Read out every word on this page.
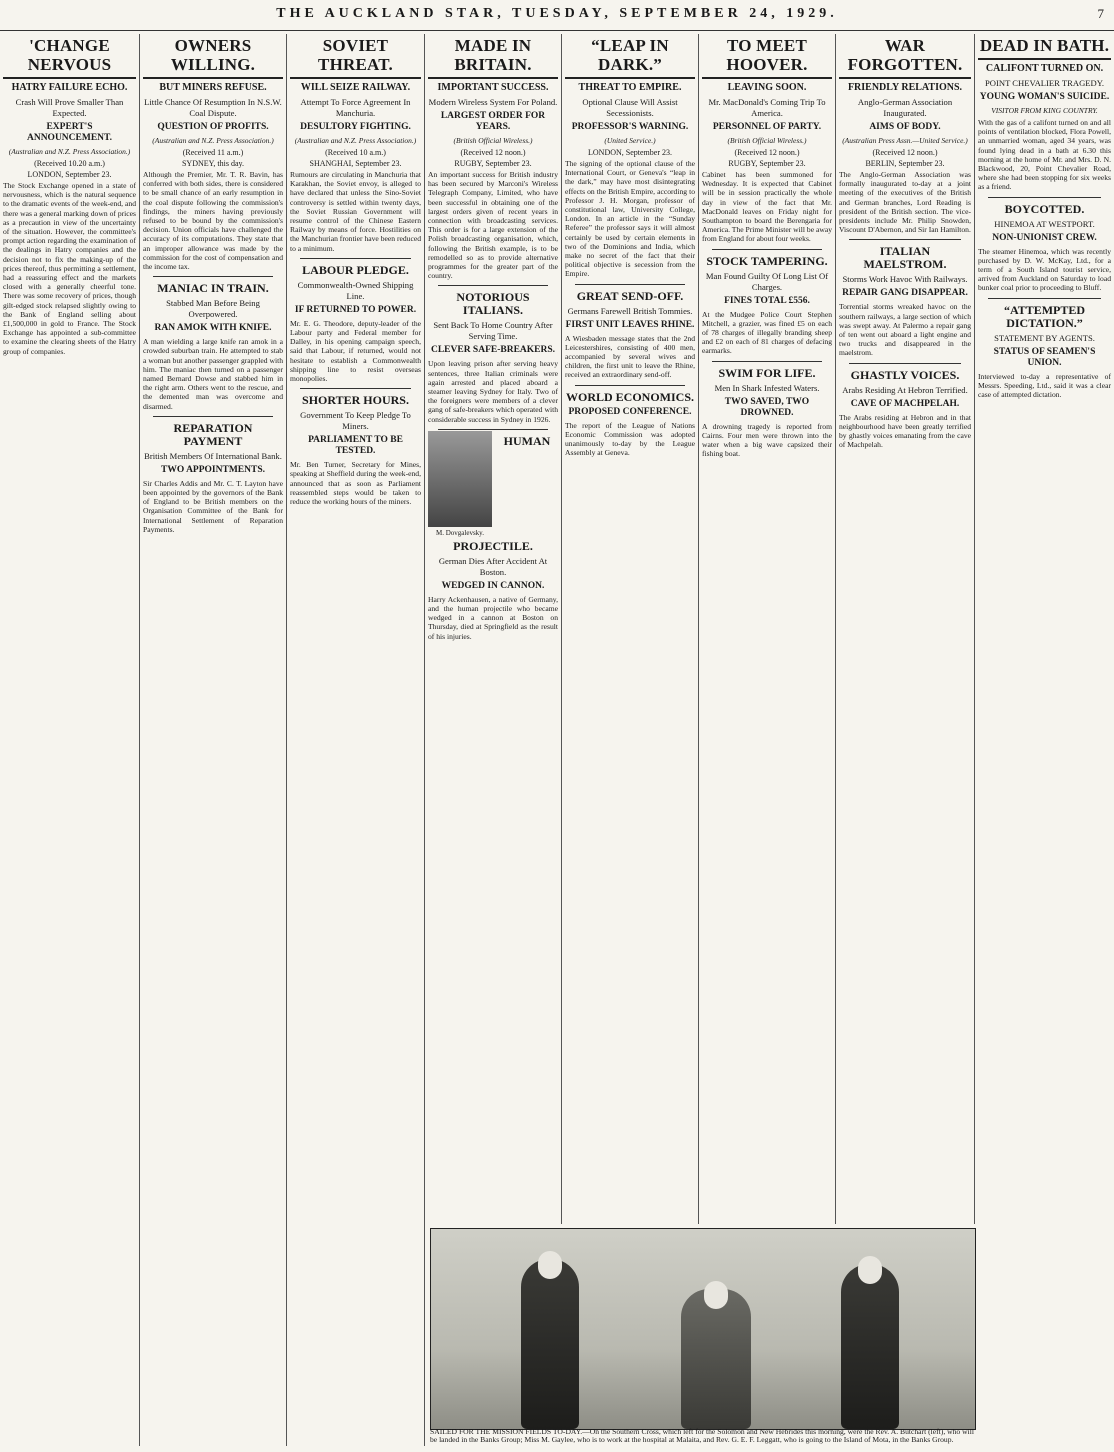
THE AUCKLAND STAR, TUESDAY, SEPTEMBER 24, 1929.	7
'CHANGE NERVOUS
HATRY FAILURE ECHO.
Crash Will Prove Smaller Than Expected.
EXPERT'S ANNOUNCEMENT.
(Australian and N.Z. Press Association.)
(Received 10.20 a.m.)
LONDON, September 23.
The Stock Exchange opened in a state of nervousness, which is the natural sequence to the dramatic events of the week-end, and there was a general marking down of prices as a precaution in view of the uncertainty of the situation. However, the committee's prompt action regarding the examination of the dealings in Hatry companies and the decision not to fix the making-up of the prices thereof, thus permitting a settlement, had a reassuring effect and the markets closed with a generally cheerful tone. There was some recovery of prices, though gilt-edged stock relapsed slightly owing to the Bank of England selling about £1,500,000 in gold to France. The Stock Exchange has appointed a sub-committee to examine the clearing sheets of the Hatry group of companies.
OWNERS WILLING.
BUT MINERS REFUSE.
Little Chance Of Resumption In N.S.W. Coal Dispute.
QUESTION OF PROFITS.
(Australian and N.Z. Press Association.)
(Received 11 a.m.)
SYDNEY, this day.
Although the Premier, Mr. T. R. Bavin, has conferred with both sides, there is considered to be small chance of an early resumption in the coal dispute following the commission's findings, the miners having previously refused to be bound by the commission's decision. Union officials have challenged the accuracy of its computations. They state that an improper allowance was made by the commission for the cost of compensation and the income tax.
MANIAC IN TRAIN.
Stabbed Man Before Being Overpowered.
RAN AMOK WITH KNIFE.
A man wielding a large knife ran amok in a crowded suburban train. He attempted to stab a woman but another passenger grappled with him. The maniac then turned on a passenger named Bernard Dowse and stabbed him in the right arm. Others went to the rescue, and the demented man was overcome and disarmed.
REPARATION PAYMENT
British Members Of International Bank.
TWO APPOINTMENTS.
Sir Charles Addis and Mr. C. T. Layton have been appointed by the governors of the Bank of England to be British members on the Organisation Committee of the Bank for International Settlement of Reparation Payments.
SOVIET THREAT.
WILL SEIZE RAILWAY.
Attempt To Force Agreement In Manchuria.
DESULTORY FIGHTING.
(Australian and N.Z. Press Association.)
(Received 10 a.m.)
SHANGHAI, September 23.
Rumours are circulating in Manchuria that Karakhan, the Soviet envoy, is alleged to have declared that unless the Sino-Soviet controversy is settled within twenty days, the Soviet Russian Government will resume control of the Chinese Eastern Railway by means of force. Hostilities on the Manchurian frontier have been reduced to a minimum.
LABOUR PLEDGE.
Commonwealth-Owned Shipping Line.
IF RETURNED TO POWER.
Mr. E. G. Theodore, deputy-leader of the Labour party and Federal member for Dalley, in his opening campaign speech, said that Labour, if returned, would not hesitate to establish a Commonwealth shipping line to resist overseas monopolies.
SHORTER HOURS.
Government To Keep Pledge To Miners.
PARLIAMENT TO BE TESTED.
Mr. Ben Turner, Secretary for Mines, speaking at Sheffield during the week-end, announced that as soon as Parliament reassembled steps would be taken to reduce the working hours of the miners.
MADE IN BRITAIN.
IMPORTANT SUCCESS.
Modern Wireless System For Poland.
LARGEST ORDER FOR YEARS.
(British Official Wireless.)
(Received 12 noon.)
RUGBY, September 23.
An important success for British industry has been secured by Marconi's Wireless Telegraph Company, Limited, who have been successful in obtaining one of the largest orders given of recent years in connection with broadcasting services. This order is for a large extension of the Polish broadcasting organisation, which, following the British example, is to be remodelled so as to provide alternative programmes for the greater part of the country.
NOTORIOUS ITALIANS.
Sent Back To Home Country After Serving Time.
CLEVER SAFE-BREAKERS.
Upon leaving prison after serving heavy sentences, three Italian criminals were again arrested and placed aboard a steamer leaving Sydney for Italy. Two of the foreigners were members of a clever gang of safe-breakers which operated with considerable success in Sydney in 1926.
M. Dovgalevsky.
HUMAN PROJECTILE.
German Dies After Accident At Boston.
WEDGED IN CANNON.
Harry Ackenhausen, a native of Germany, and the human projectile who became wedged in a cannon at Boston on Thursday, died at Springfield as the result of his injuries.
“LEAP IN DARK.”
THREAT TO EMPIRE.
Optional Clause Will Assist Secessionists.
PROFESSOR'S WARNING.
(United Service.)
LONDON, September 23.
The signing of the optional clause of the International Court, or Geneva's “leap in the dark,” may have most disintegrating effects on the British Empire, according to Professor J. H. Morgan, professor of constitutional law, University College, London. In an article in the “Sunday Referee” the professor says it will almost certainly be used by certain elements in two of the Dominions and India, which make no secret of the fact that their political objective is secession from the Empire.
GREAT SEND-OFF.
Germans Farewell British Tommies.
FIRST UNIT LEAVES RHINE.
A Wiesbaden message states that the 2nd Leicestershires, consisting of 400 men, accompanied by several wives and children, the first unit to leave the Rhine, received an extraordinary send-off.
WORLD ECONOMICS.
PROPOSED CONFERENCE.
The report of the League of Nations Economic Commission was adopted unanimously to-day by the League Assembly at Geneva.
TO MEET HOOVER.
LEAVING SOON.
Mr. MacDonald's Coming Trip To America.
PERSONNEL OF PARTY.
(British Official Wireless.)
(Received 12 noon.)
RUGBY, September 23.
Cabinet has been summoned for Wednesday. It is expected that Cabinet will be in session practically the whole day in view of the fact that Mr. MacDonald leaves on Friday night for Southampton to board the Berengaria for America. The Prime Minister will be away from England for about four weeks.
STOCK TAMPERING.
Man Found Guilty Of Long List Of Charges.
FINES TOTAL £556.
At the Mudgee Police Court Stephen Mitchell, a grazier, was fined £5 on each of 78 charges of illegally branding sheep and £2 on each of 81 charges of defacing earmarks.
SWIM FOR LIFE.
Men In Shark Infested Waters.
TWO SAVED, TWO DROWNED.
A drowning tragedy is reported from Cairns. Four men were thrown into the water when a big wave capsized their fishing boat.
WAR FORGOTTEN.
FRIENDLY RELATIONS.
Anglo-German Association Inaugurated.
AIMS OF BODY.
(Australian Press Assn.—United Service.)
(Received 12 noon.)
BERLIN, September 23.
The Anglo-German Association was formally inaugurated to-day at a joint meeting of the executives of the British and German branches, Lord Reading is president of the British section. The vice-presidents include Mr. Philip Snowden, Viscount D'Abernon, and Sir Ian Hamilton.
ITALIAN MAELSTROM.
Storms Work Havoc With Railways.
REPAIR GANG DISAPPEAR.
Torrential storms wreaked havoc on the southern railways, a large section of which was swept away. At Palermo a repair gang of ten went out aboard a light engine and two trucks and disappeared in the maelstrom.
GHASTLY VOICES.
Arabs Residing At Hebron Terrified.
CAVE OF MACHPELAH.
The Arabs residing at Hebron and in that neighbourhood have been greatly terrified by ghastly voices emanating from the cave of Machpelah.
DEAD IN BATH.
CALIFONT TURNED ON.
POINT CHEVALIER TRAGEDY.
YOUNG WOMAN'S SUICIDE.
VISITOR FROM KING COUNTRY.
With the gas of a califont turned on and all points of ventilation blocked, Flora Powell, an unmarried woman, aged 34 years, was found lying dead in a bath at 6.30 this morning at the home of Mr. and Mrs. D. N. Blackwood, 20, Point Chevalier Road, where she had been stopping for six weeks as a friend.
BOYCOTTED.
HINEMOA AT WESTPORT.
NON-UNIONIST CREW.
The steamer Hinemoa, which was recently purchased by D. W. McKay, Ltd., for a term of a South Island tourist service, arrived from Auckland on Saturday to load bunker coal prior to proceeding to Bluff.
“ATTEMPTED DICTATION.”
STATEMENT BY AGENTS.
STATUS OF SEAMEN'S UNION.
Interviewed to-day a representative of Messrs. Speeding, Ltd., said it was a clear case of attempted dictation.
SAILED FOR THE MISSION FIELDS TO-DAY.—On the Southern Cross, which left for the Solomon and New Hebrides this morning, were the Rev. A. Butchart (left), who will be landed in the Banks Group; Miss M. Gaylee, who is to work at the hospital at Malaita, and Rev. G. E. F. Leggatt, who is going to the Island of Mota, in the Banks Group.
